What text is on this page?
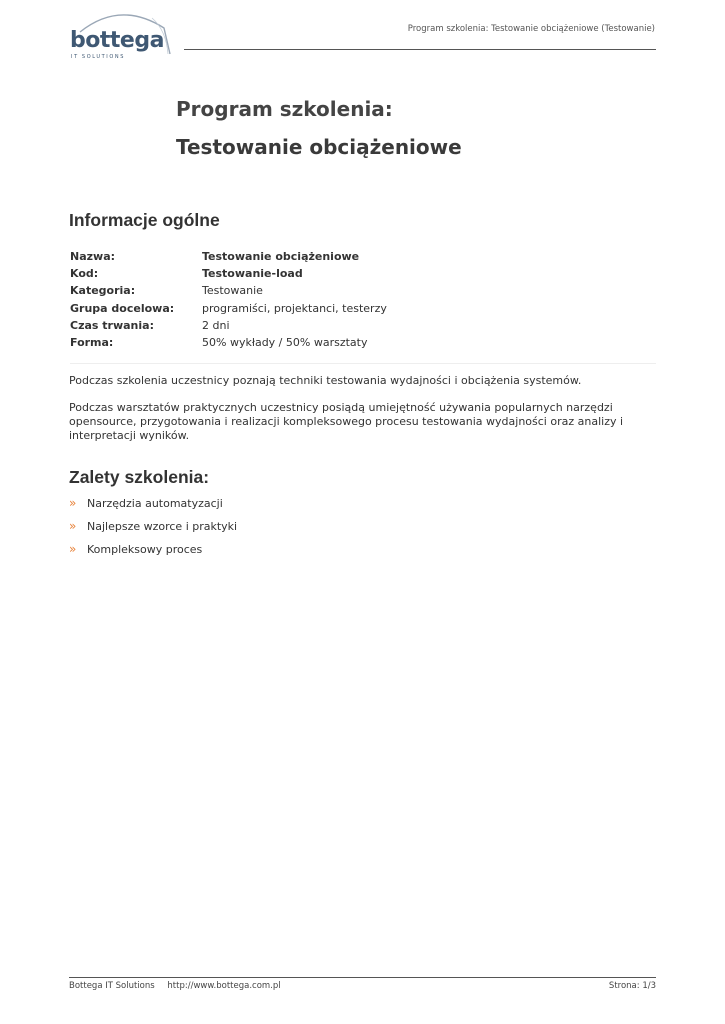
bottega
IT SOLUTIONS
Program szkolenia: Testowanie obciążeniowe (Testowanie)
Program szkolenia:
Testowanie obciążeniowe
Informacje ogólne
Nazwa:	Testowanie obciążeniowe
Kod:	Testowanie-load
Kategoria:	Testowanie
Grupa docelowa:	programiści, projektanci, testerzy
Czas trwania:	2 dni
Forma:	50% wykłady / 50% warsztaty

Podczas szkolenia uczestnicy poznają techniki testowania wydajności i obciążenia systemów.

Podczas warsztatów praktycznych uczestnicy posiądą umiejętność używania popularnych narzędzi opensource, przygotowania i realizacji kompleksowego procesu testowania wydajności oraz analizy i interpretacji wyników.

Zalety szkolenia:
» Narzędzia automatyzacji
» Najlepsze wzorce i praktyki
» Kompleksowy proces
Bottega IT Solutions http://www.bottega.com.pl	Strona: 1/3
